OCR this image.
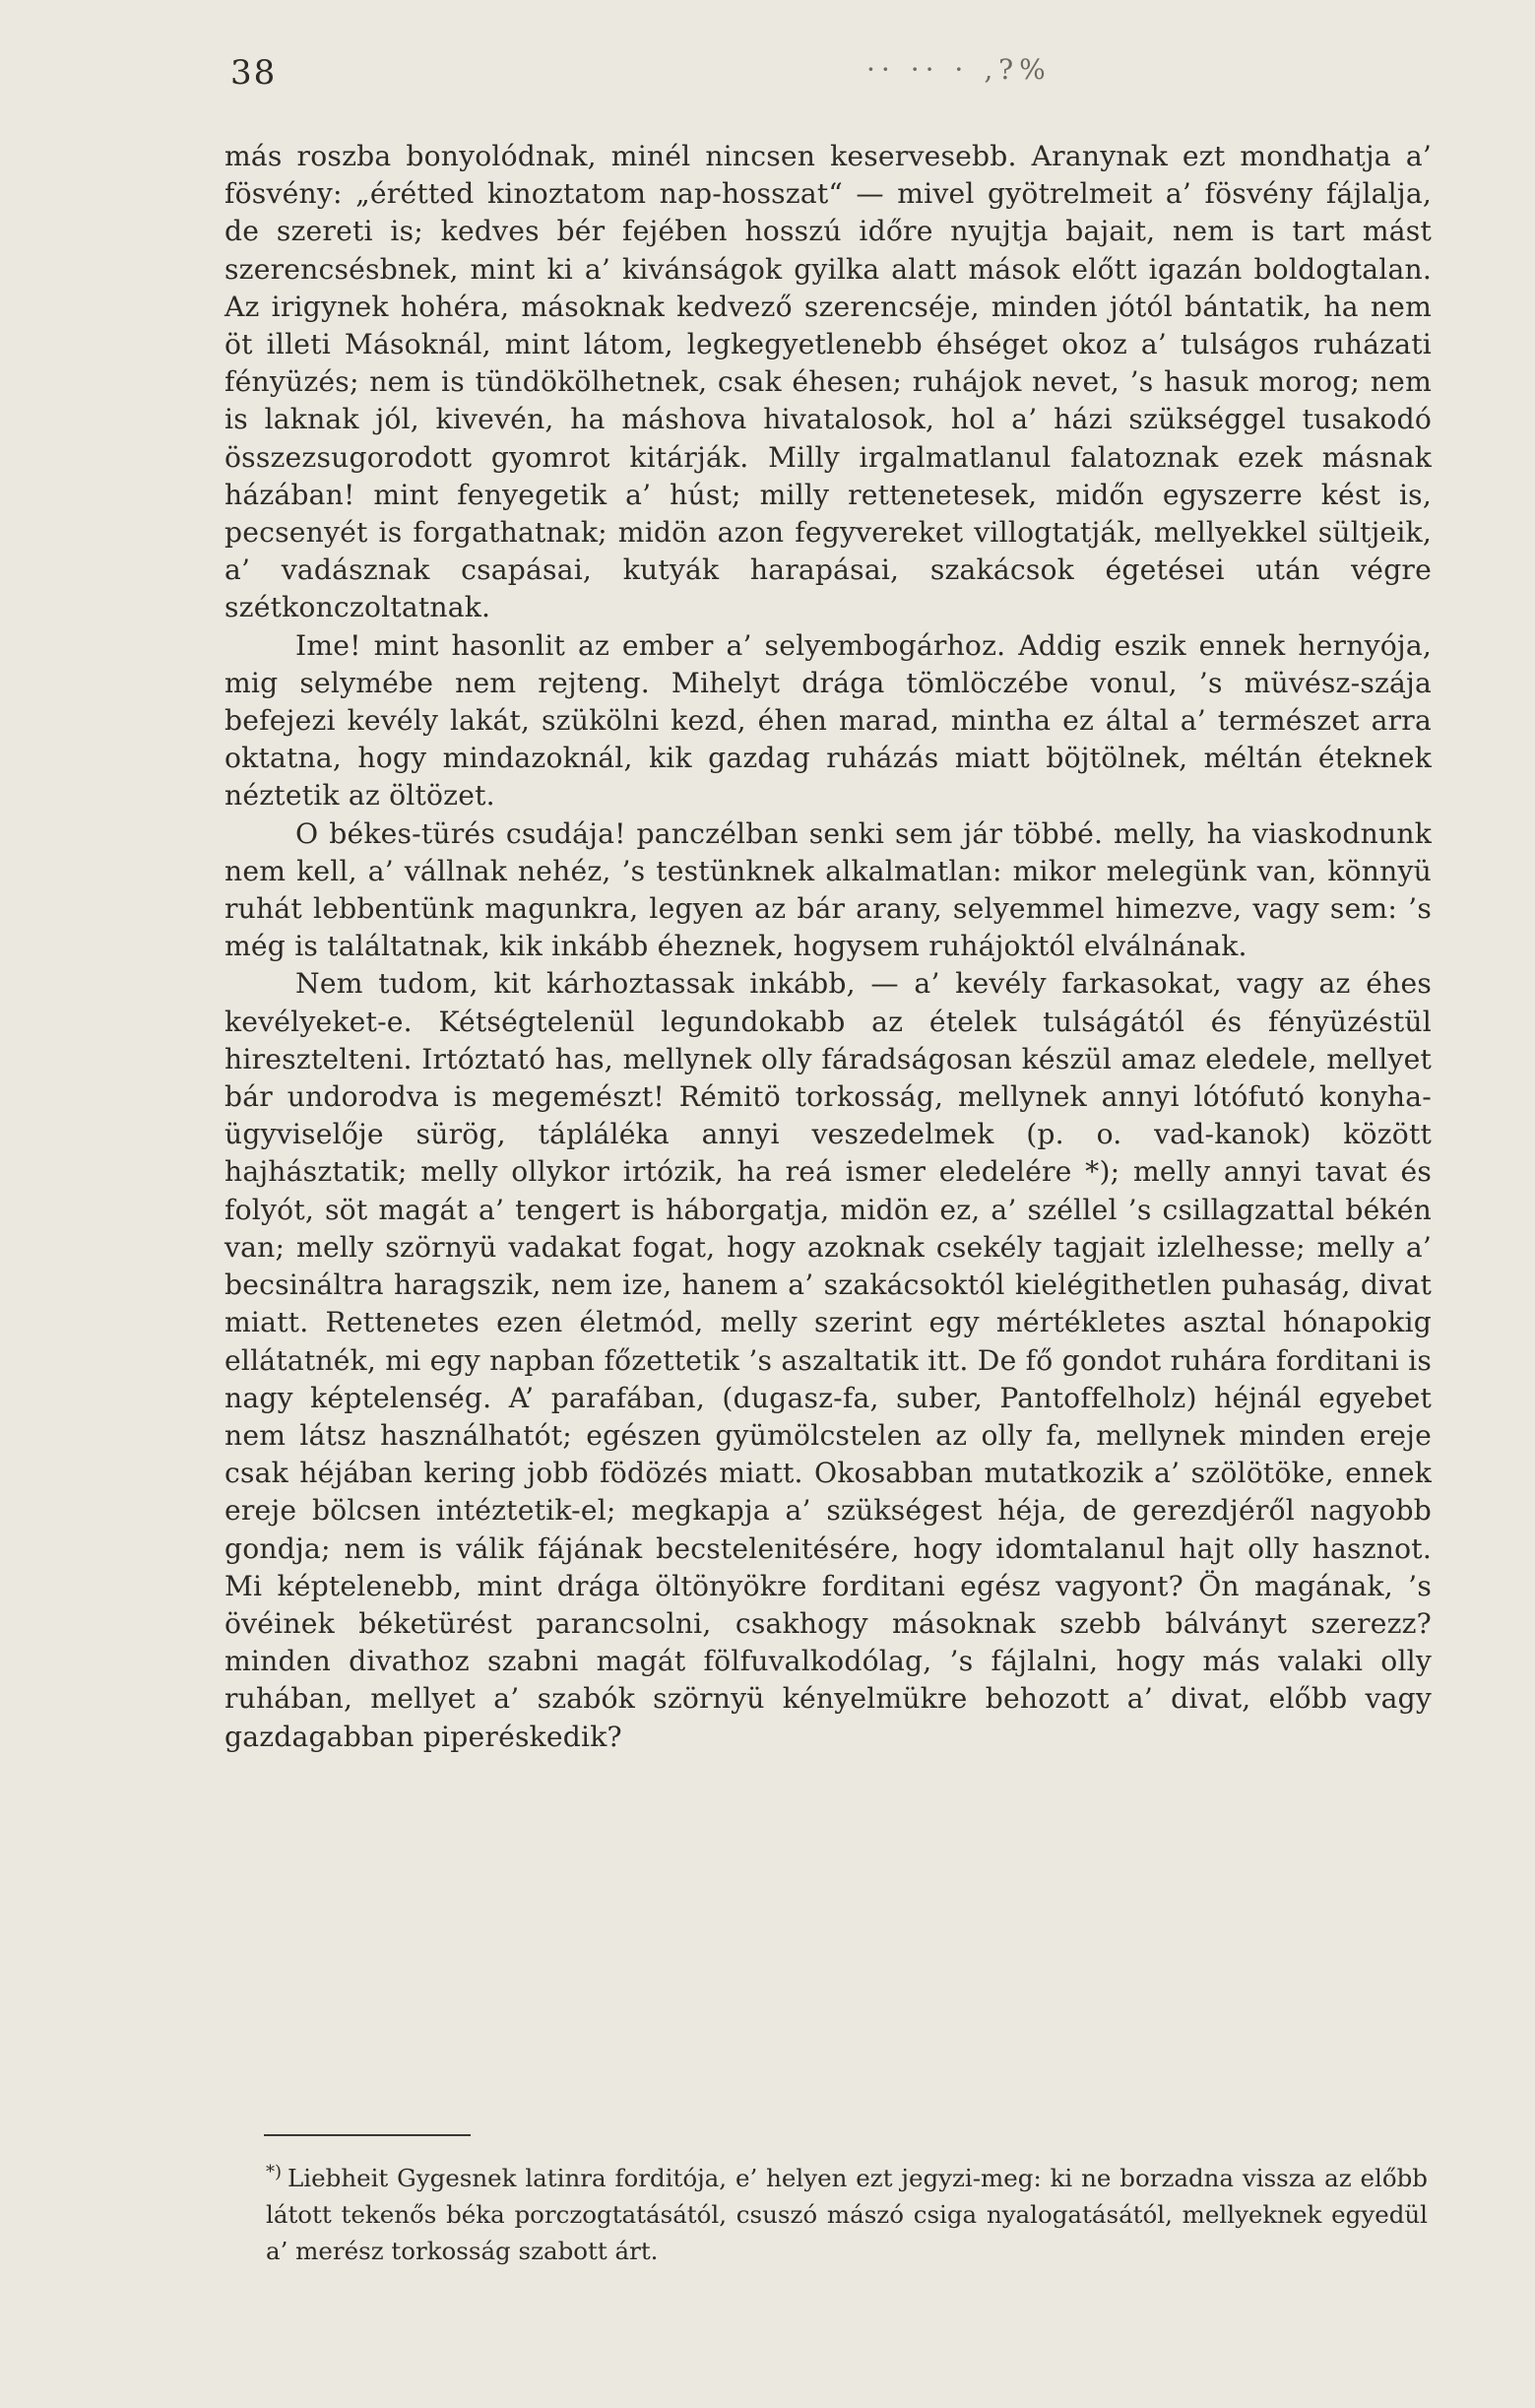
38	·· ·· · ‚?%

más roszba bonyolódnak, minél nincsen keservesebb. Aranynak ezt mondhatja a’ fösvény: „érétted kinoztatom nap-hosszat“ — mivel gyötrelmeit a’ fösvény fájlalja, de szereti is; kedves bér fejében hosszú időre nyujtja bajait, nem is tart mást szerencsésbnek, mint ki a’ kivánságok gyilka alatt mások előtt igazán boldogtalan. Az irigynek hohéra, másoknak kedvező szerencséje, minden jótól bántatik, ha nem öt illeti Másoknál, mint látom, legkegyetlenebb éhséget okoz a’ tulságos ruházati fényüzés; nem is tündökölhetnek, csak éhesen; ruhájok nevet, ’s hasuk morog; nem is laknak jól, kivevén, ha máshova hivatalosok, hol a’ házi szükséggel tusakodó összezsugorodott gyomrot kitárják. Milly irgalmatlanul falatoznak ezek másnak házában! mint fenyegetik a’ húst; milly rettenetesek, midőn egyszerre kést is, pecsenyét is forgathatnak; midön azon fegyvereket villogtatják, mellyekkel sültjeik, a’ vadásznak csapásai, kutyák harapásai, szakácsok égetései után végre szétkonczoltatnak.

Ime! mint hasonlit az ember a’ selyembogárhoz. Addig eszik ennek hernyója, mig selymébe nem rejteng. Mihelyt drága tömlöczébe vonul, ’s müvész-szája befejezi kevély lakát, szükölni kezd, éhen marad, mintha ez által a’ természet arra oktatna, hogy mindazoknál, kik gazdag ruházás miatt böjtölnek, méltán éteknek néztetik az öltözet.

O békes-türés csudája! panczélban senki sem jár többé. melly, ha viaskodnunk nem kell, a’ vállnak nehéz, ’s testünknek alkalmatlan: mikor melegünk van, könnyü ruhát lebbentünk magunkra, legyen az bár arany, selyemmel himezve, vagy sem: ’s még is találtatnak, kik inkább éheznek, hogysem ruhájoktól elválnának.

Nem tudom, kit kárhoztassak inkább, — a’ kevély farkasokat, vagy az éhes kevélyeket-e. Kétségtelenül legundokabb az ételek tulságától és fényüzéstül hiresztelteni. Irtóztató has, mellynek olly fáradságosan készül amaz eledele, mellyet bár undorodva is megemészt! Rémitö torkosság, mellynek annyi lótófutó konyha-ügyviselője sürög, tápláléka annyi veszedelmek (p. o. vad-kanok) között hajhásztatik; melly ollykor irtózik, ha reá ismer eledelére *); melly annyi tavat és folyót, söt magát a’ tengert is háborgatja, midön ez, a’ széllel ’s csillagzattal békén van; melly szörnyü vadakat fogat, hogy azoknak csekély tagjait izlelhesse; melly a’ becsináltra haragszik, nem ize, hanem a’ szakácsoktól kielégithetlen puhaság, divat miatt. Rettenetes ezen életmód, melly szerint egy mértékletes asztal hónapokig ellátatnék, mi egy napban főzettetik ’s aszaltatik itt. De fő gondot ruhára forditani is nagy képtelenség. A’ parafában, (dugasz-fa, suber, Pantoffelholz) héjnál egyebet nem látsz használhatót; egészen gyümölcstelen az olly fa, mellynek minden ereje csak héjában kering jobb födözés miatt. Okosabban mutatkozik a’ szölötöke, ennek ereje bölcsen intéztetik-el; megkapja a’ szükségest héja, de gerezdjéről nagyobb gondja; nem is válik fájának becstelenitésére, hogy idomtalanul hajt olly hasznot. Mi képtelenebb, mint drága öltönyökre forditani egész vagyont? Ön magának, ’s övéinek béketürést parancsolni, csakhogy másoknak szebb bálványt szerezz? minden divathoz szabni magát fölfuvalkodólag, ’s fájlalni, hogy más valaki olly ruhában, mellyet a’ szabók szörnyü kényelmükre behozott a’ divat, előbb vagy gazdagabban piperéskedik?

*) Liebheit Gygesnek latinra forditója, e’ helyen ezt jegyzi-meg: ki ne borzadna vissza az előbb látott tekenős béka porczogtatásától, csuszó mászó csiga nyalogatásától, mellyeknek egyedül a’ merész torkosság szabott árt.
